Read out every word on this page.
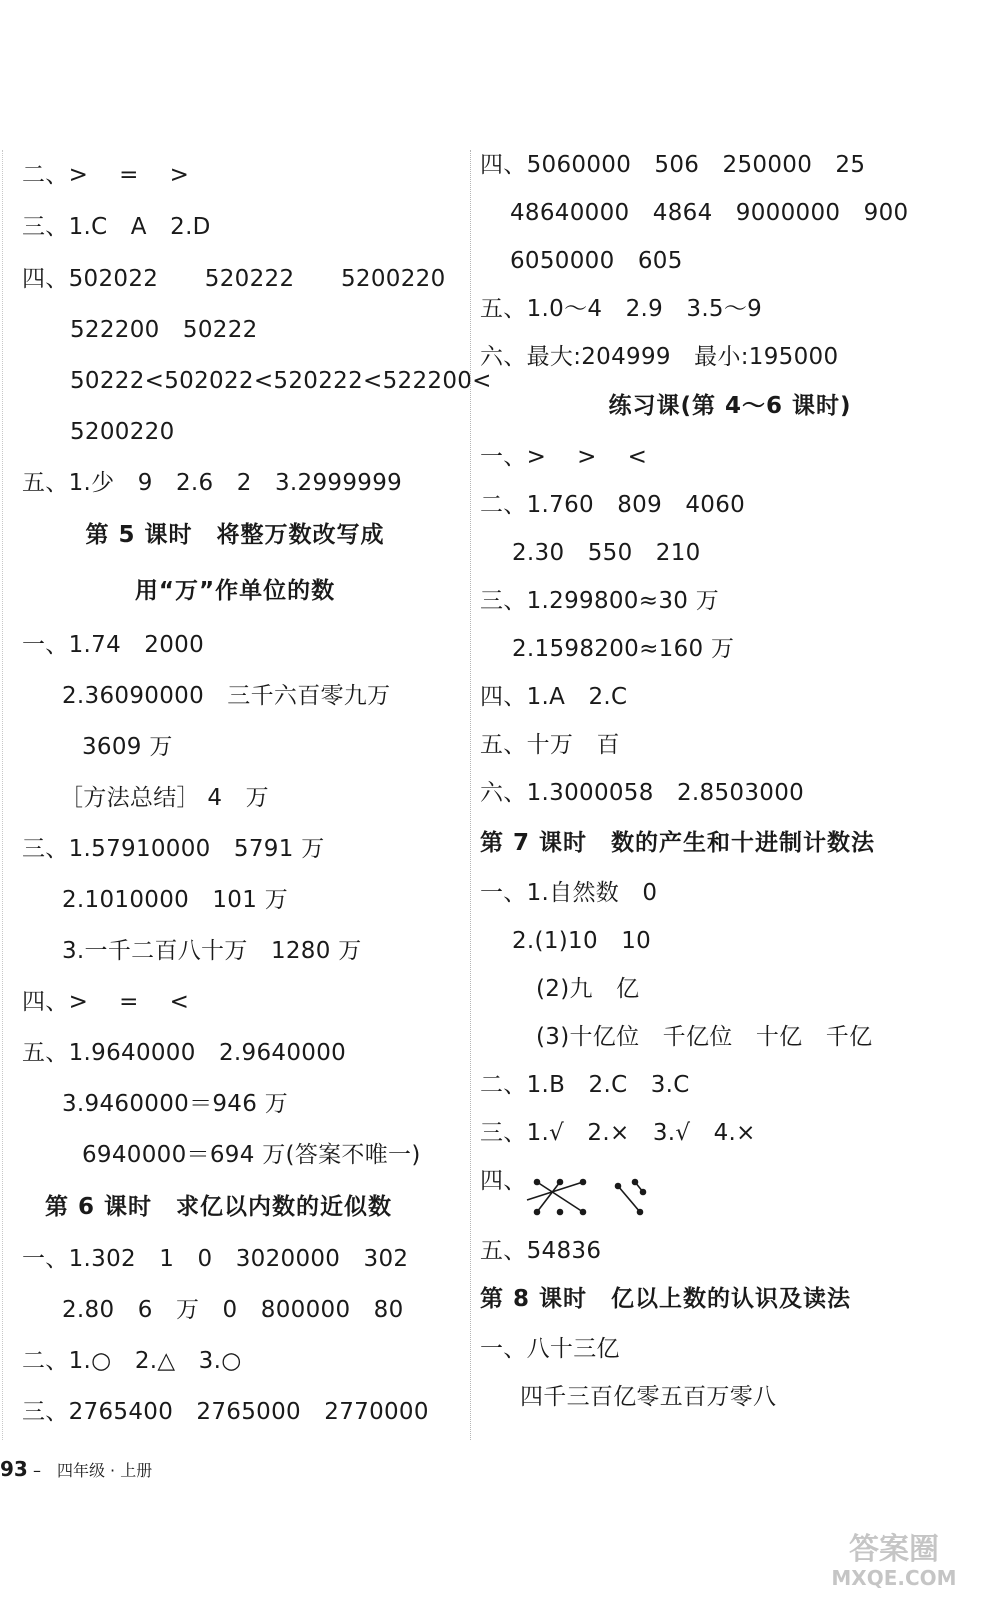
二、>　 =　 >
三、1.C　A　2.D
四、502022　　520222　　5200220
522200　50222
50222<502022<520222<522200<
5200220
五、1.少　9　2.6　2　3.2999999
第 5 课时　将整万数改写成
用“万”作单位的数
一、1.74　2000
2.36090000　三千六百零九万
3609 万
［方法总结］ 4　万
三、1.57910000　5791 万
2.1010000　101 万
3.一千二百八十万　1280 万
四、>　 =　 <
五、1.9640000　2.9640000
3.9460000＝946 万
6940000＝694 万(答案不唯一)
第 6 课时　求亿以内数的近似数
一、1.302　1　0　3020000　302
2.80　6　万　0　800000　80
二、1.○　2.△　3.○
三、2765400　2765000　2770000
四、5060000　506　250000　25
48640000　4864　9000000　900
6050000　605
五、1.0～4　2.9　3.5～9
六、最大:204999　最小:195000
练习课(第 4～6 课时)
一、>　 >　 <
二、1.760　809　4060
2.30　550　210
三、1.299800≈30 万
2.1598200≈160 万
四、1.A　2.C
五、十万　百
六、1.3000058　2.8503000
第 7 课时　数的产生和十进制计数法
一、1.自然数　0
2.(1)10　10
(2)九　亿
(3)十亿位　千亿位　十亿　千亿
二、1.B　2.C　3.C
三、1.√　2.×　3.√　4.×
四、
五、54836
第 8 课时　亿以上数的认识及读法
一、八十三亿
四千三百亿零五百万零八
93 –　 四年级 · 上册
答案圈
MXQE.COM
